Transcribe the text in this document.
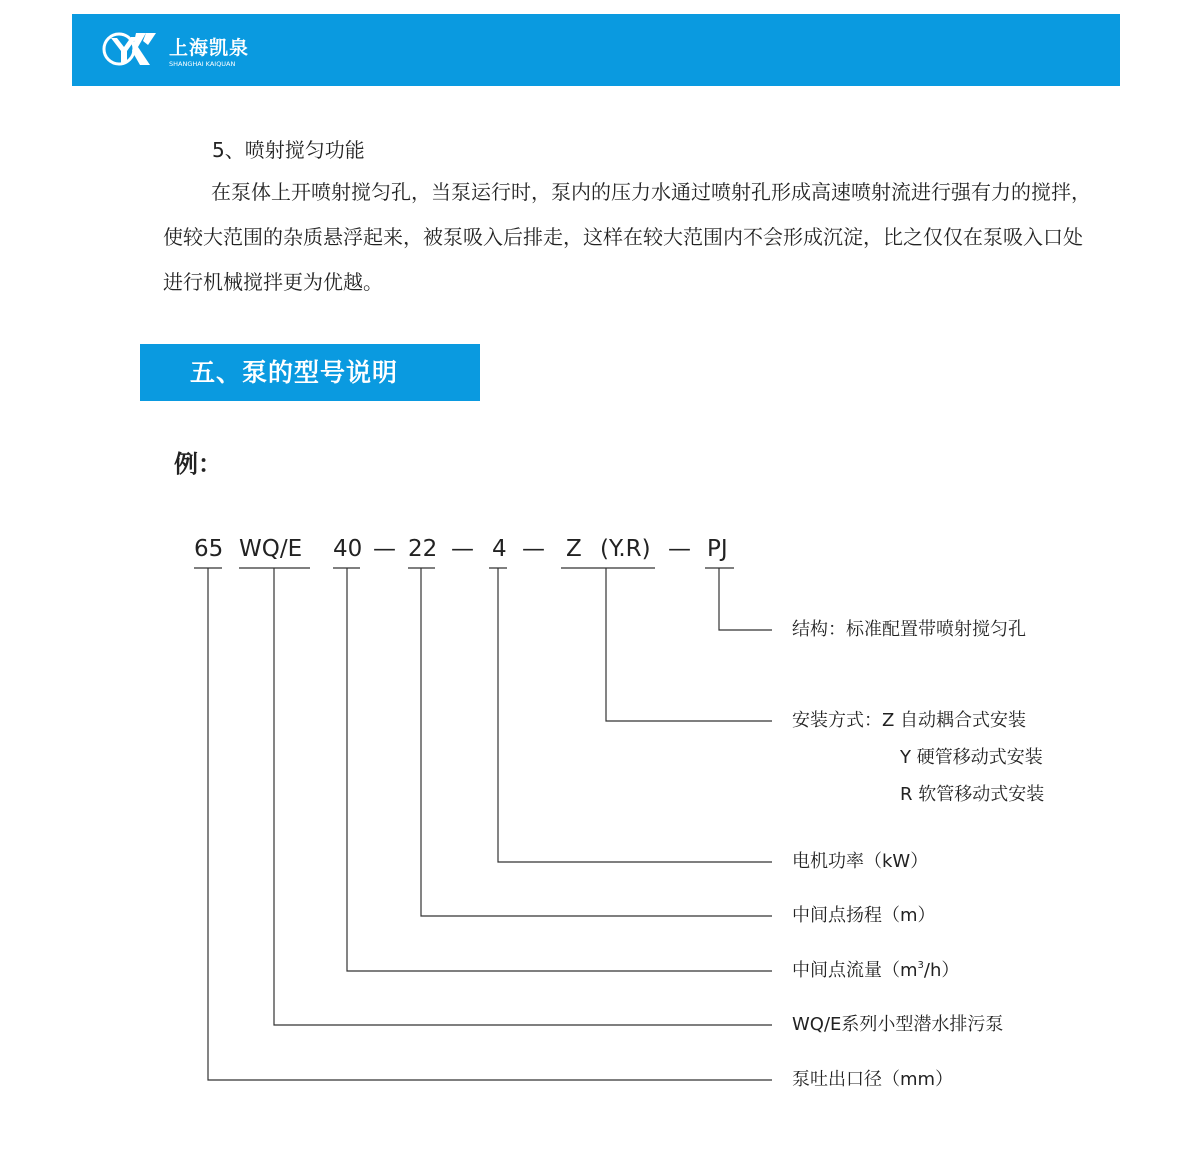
上海凯泉
SHANGHAI KAIQUAN
5、喷射搅匀功能

在泵体上开喷射搅匀孔，当泵运行时，泵内的压力水通过喷射孔形成高速喷射流进行强有力的搅拌，使较大范围的杂质悬浮起来，被泵吸入后排走，这样在较大范围内不会形成沉淀，比之仅仅在泵吸入口处进行机械搅拌更为优越。

五、泵的型号说明
例：
65 WQ/E 40 — 22 — 4 — Z (Y.R) — PJ
结构：标准配置带喷射搅匀孔
安装方式：Z 自动耦合式安装
Y 硬管移动式安装
R 软管移动式安装
电机功率（kW）
中间点扬程（m）
中间点流量$(m^3/h)$
WQ/E系列小型潜水排污泵
泵吐出口径（mm）
